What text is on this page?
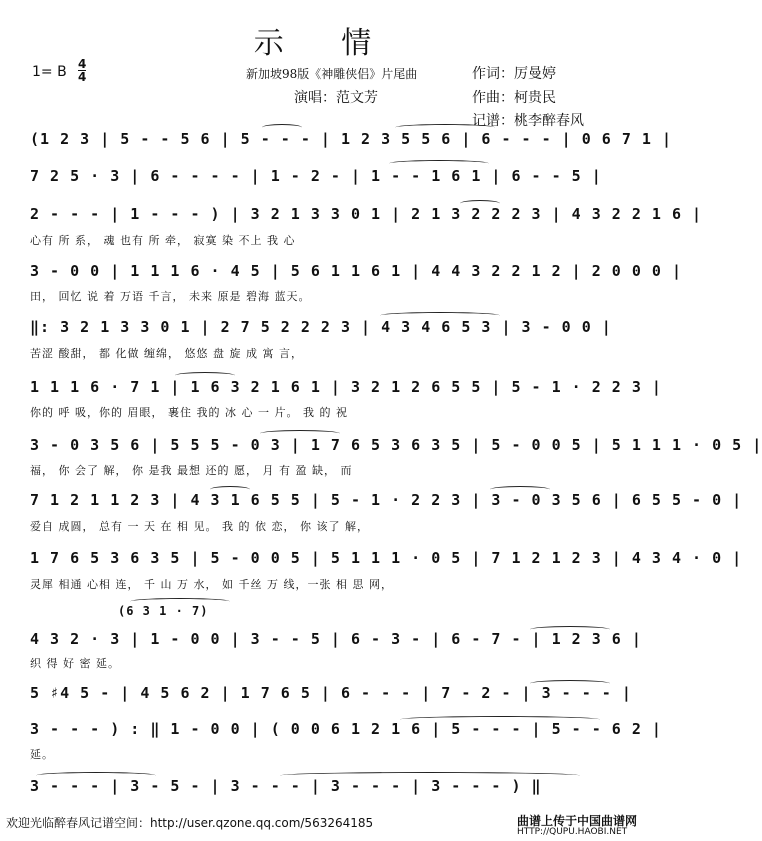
示 情
1= B 4
4	新加坡98版《神雕侠侣》片尾曲	作词：厉曼婷
演唱：范文芳	作曲：柯贵民
记谱：桃李醉春风
(1 2 3 | 5 - - 5 6 | 5 - - - | 1 2 3 5 5 6 | 6 - - - | 0 6 7 1 |
7 2 5 · 3 | 6 - - - - | 1 - 2 - | 1 - - 1 6 1 | 6 - - 5 |
2 - - - | 1 - - - ) | 3 2 1 3 3 0 1 | 2 1 3 2 2 2 3 | 4 3 2 2 1 6 |
心有 所 系， 魂 也有 所 牵， 寂寞 染 不上 我 心
3 - 0 0 | 1 1 1 6 · 4 5 | 5 6 1 1 6 1 | 4 4 3 2 2 1 2 | 2 0 0 0 |
田， 回忆 说 着 万语 千言， 未来 原是 碧海 蓝天。
‖: 3 2 1 3 3 0 1 | 2 7 5 2 2 2 3 | 4 3 4 6 5 3 | 3 - 0 0 |
苦涩 酸甜， 都 化做 缠绵， 悠悠 盘 旋 成 寓 言，
1 1 1 6 · 7 1 | 1 6 3 2 1 6 1 | 3 2 1 2 6 5 5 | 5 - 1 · 2 2 3 |
你的 呼 吸，你的 眉眼， 裹住 我的 冰 心 一 片。 我 的 祝
3 - 0 3 5 6 | 5 5 5 - 0 3 | 1 7 6 5 3 6 3 5 | 5 - 0 0 5 | 5 1 1 1 · 0 5 |
福， 你 会了 解， 你 是我 最想 还的 愿， 月 有 盈 缺， 而
7 1 2 1 1 2 3 | 4 3 1 6 5 5 | 5 - 1 · 2 2 3 | 3 - 0 3 5 6 | 6 5 5 - 0 |
爱自 成圆， 总有 一 天 在 相 见。 我 的 依 恋， 你 该了 解，
1 7 6 5 3 6 3 5 | 5 - 0 0 5 | 5 1 1 1 · 0 5 | 7 1 2 1 2 3 | 4 3 4 · 0 |
灵犀 相通 心相 连， 千 山 万 水， 如 千丝 万 线，一张 相 思 网，
(6 3 1 · 7)
4 3 2 · 3 | 1 - 0 0 | 3 - - 5 | 6 - 3 - | 6 - 7 - | 1 2 3 6 |
织 得 好 密 延。
5 ♯4 5 - | 4 5 6 2 | 1 7 6 5 | 6 - - - | 7 - 2 - | 3 - - - |
3 - - - ) : ‖ 1 - 0 0 | ( 0 0 6 1 2 1 6 | 5 - - - | 5 - - 6 2 |
延。
3 - - - | 3 - 5 - | 3 - - - | 3 - - - | 3 - - - ) ‖
欢迎光临醉春风记谱空间：http://user.qzone.qq.com/563264185	曲谱上传于中国曲谱网
HTTP://QUPU.HAOBI.NET
